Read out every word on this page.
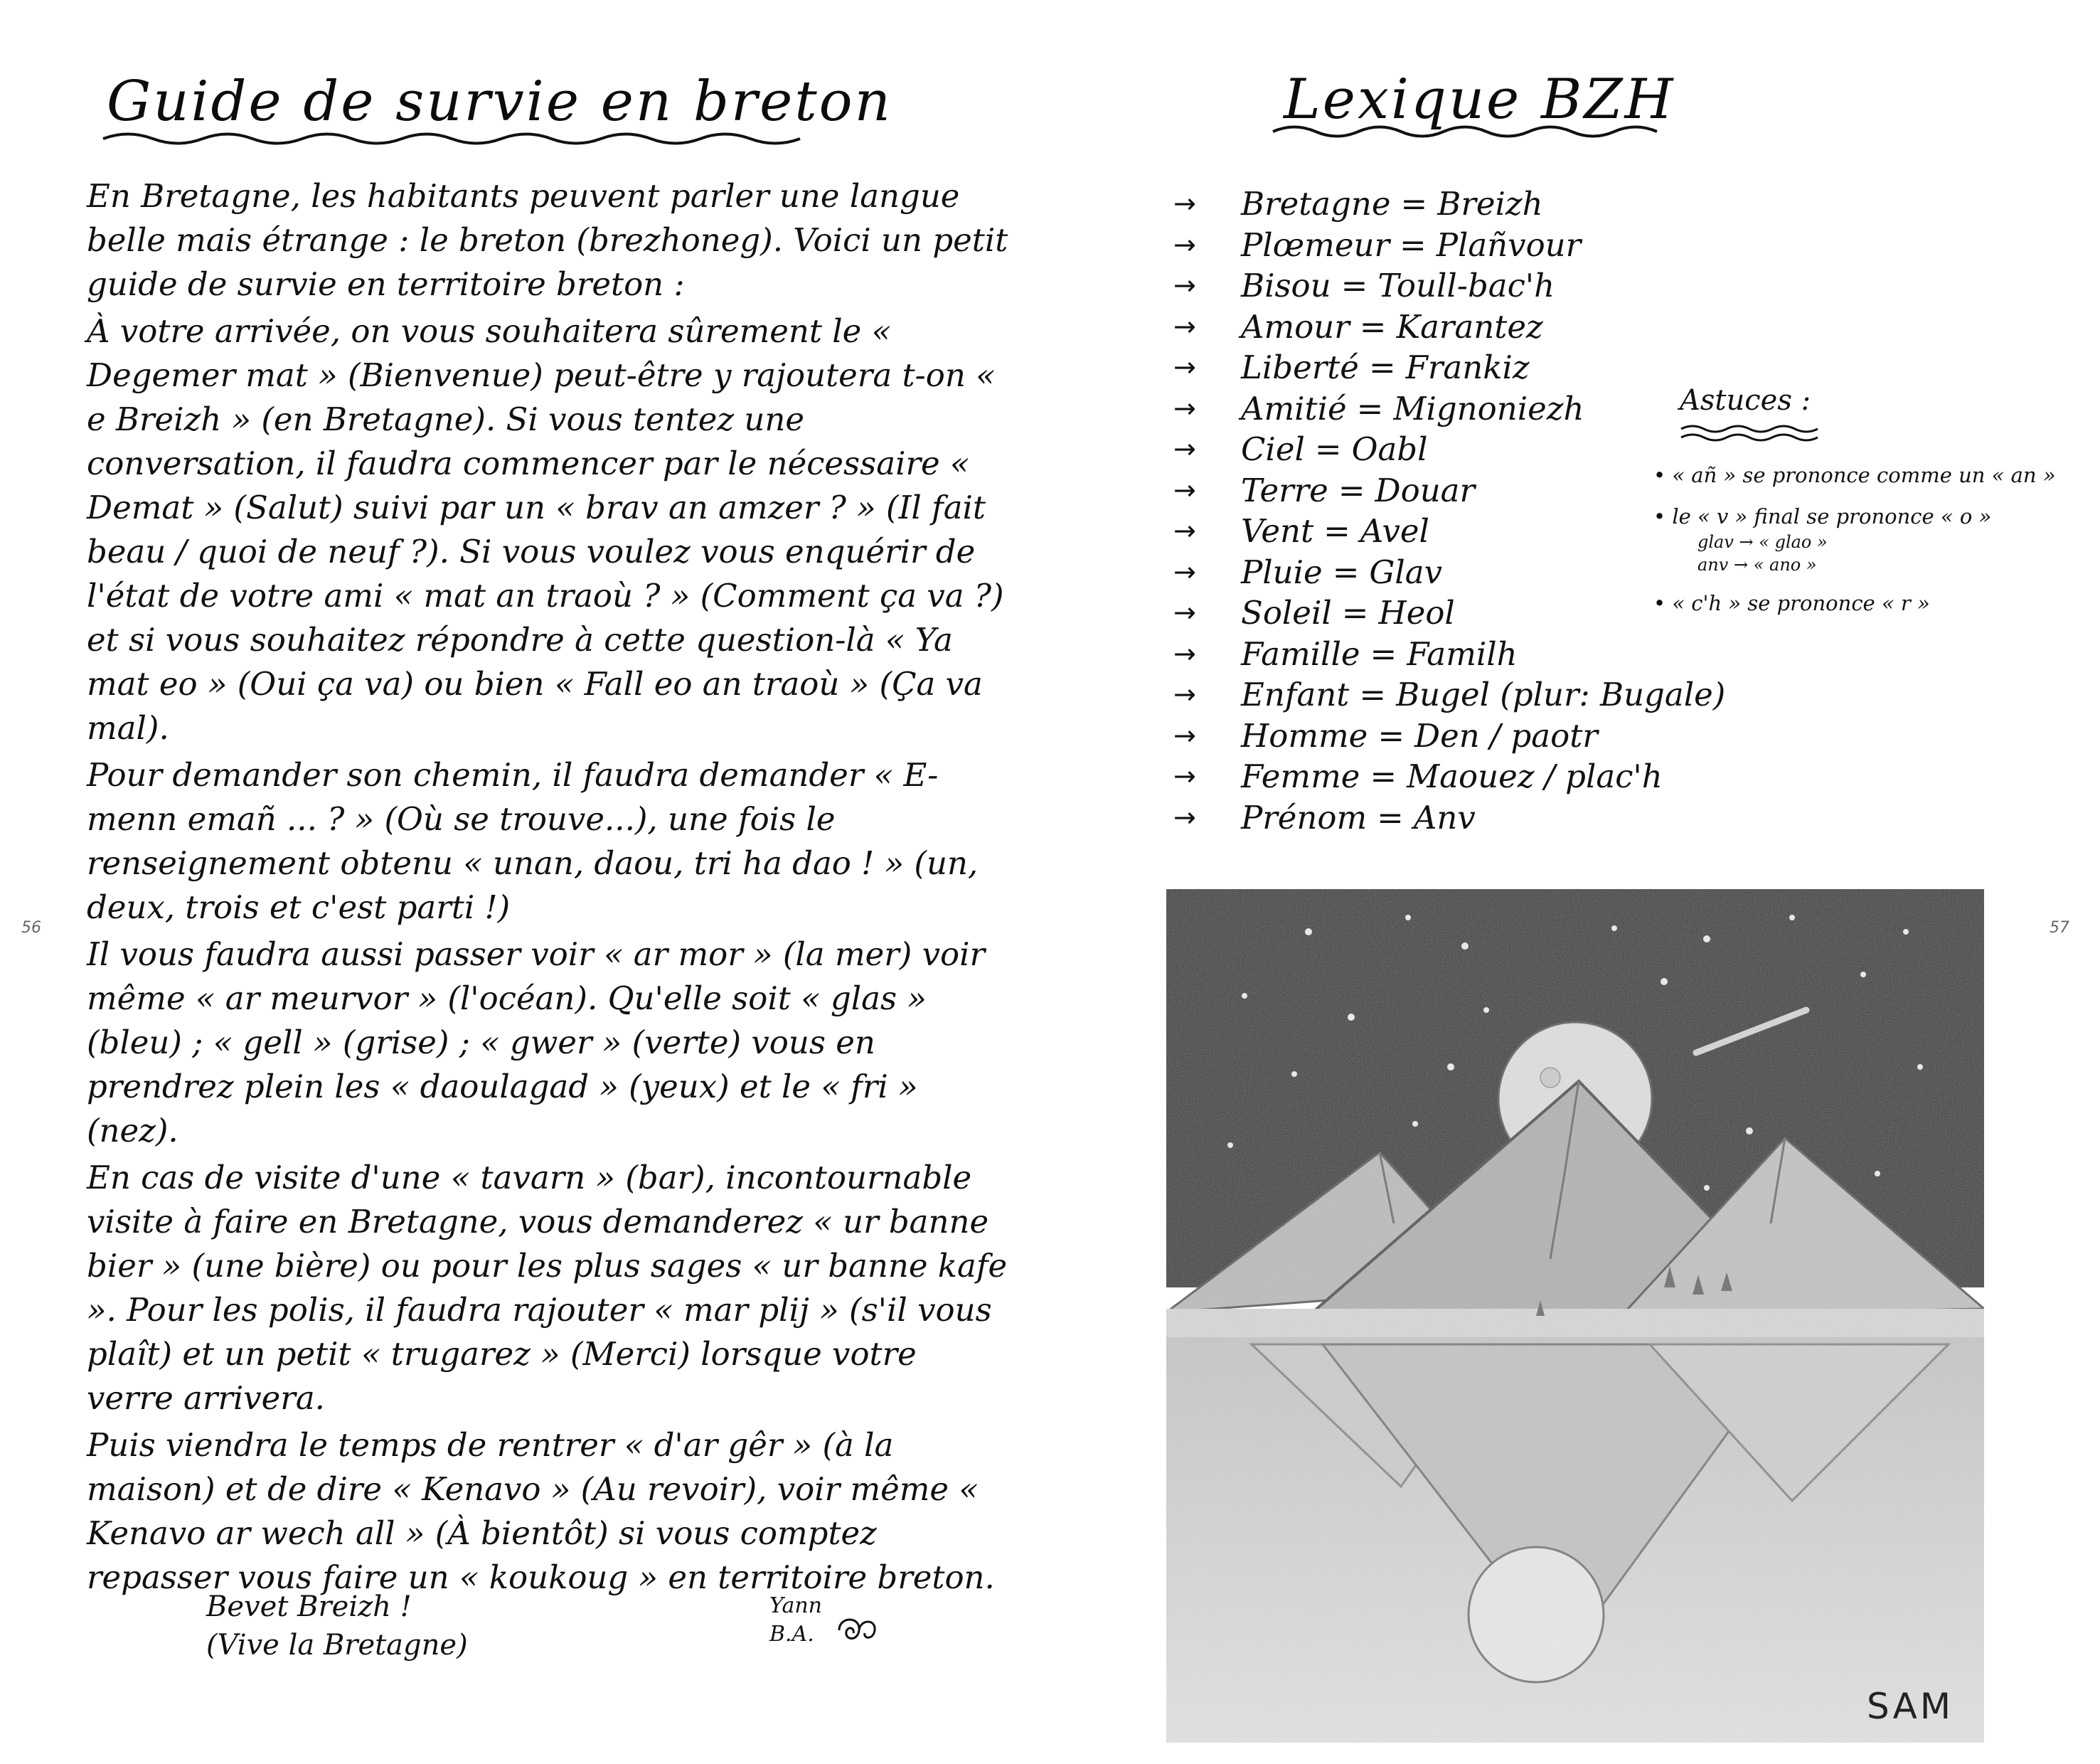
Guide de survie en breton

En Bretagne, les habitants peuvent parler une langue belle mais étrange : le breton (brezhoneg). Voici un petit guide de survie en territoire breton :

À votre arrivée, on vous souhaitera sûrement le « Degemer mat » (Bienvenue) peut-être y rajoutera t-on « e Breizh » (en Bretagne). Si vous tentez une conversation, il faudra commencer par le nécessaire « Demat » (Salut) suivi par un « brav an amzer ? » (Il fait beau / quoi de neuf ?). Si vous voulez vous enquérir de l'état de votre ami « mat an traoù ? » (Comment ça va ?) et si vous souhaitez répondre à cette question-là « Ya mat eo » (Oui ça va) ou bien « Fall eo an traoù » (Ça va mal).

Pour demander son chemin, il faudra demander « E-menn emañ ... ? » (Où se trouve...), une fois le renseignement obtenu « unan, daou, tri ha dao ! » (un, deux, trois et c'est parti !)

Il vous faudra aussi passer voir « ar mor » (la mer) voir même « ar meurvor » (l'océan). Qu'elle soit « glas » (bleu) ; « gell » (grise) ; « gwer » (verte) vous en prendrez plein les « daoulagad » (yeux) et le « fri » (nez).

En cas de visite d'une « tavarn » (bar), incontournable visite à faire en Bretagne, vous demanderez « ur banne bier » (une bière) ou pour les plus sages « ur banne kafe ». Pour les polis, il faudra rajouter « mar plij » (s'il vous plaît) et un petit « trugarez » (Merci) lorsque votre verre arrivera.

Puis viendra le temps de rentrer « d'ar gêr » (à la maison) et de dire « Kenavo » (Au revoir), voir même « Kenavo ar wech all » (À bientôt) si vous comptez repasser vous faire un « koukoug » en territoire breton.

Bevet Breizh !
(Vive la Bretagne)
Yann
B.A.
56
Lexique BZH
→	Bretagne = Breizh
→	Plœmeur = Plañvour
→	Bisou = Toull-bac'h
→	Amour = Karantez
→	Liberté = Frankiz
→	Amitié = Mignoniezh
→	Ciel = Oabl
→	Terre = Douar
→	Vent = Avel
→	Pluie = Glav
→	Soleil = Heol
→	Famille = Familh
→	Enfant = Bugel (plur: Bugale)
→	Homme = Den / paotr
→	Femme = Maouez / plac'h
→	Prénom = Anv
Astuces :
• « añ » se prononce comme un « an »
• le « v » final se prononce « o »
glav → « glao »
anv → « ano »
• « c'h » se prononce « r »
SAM
57
